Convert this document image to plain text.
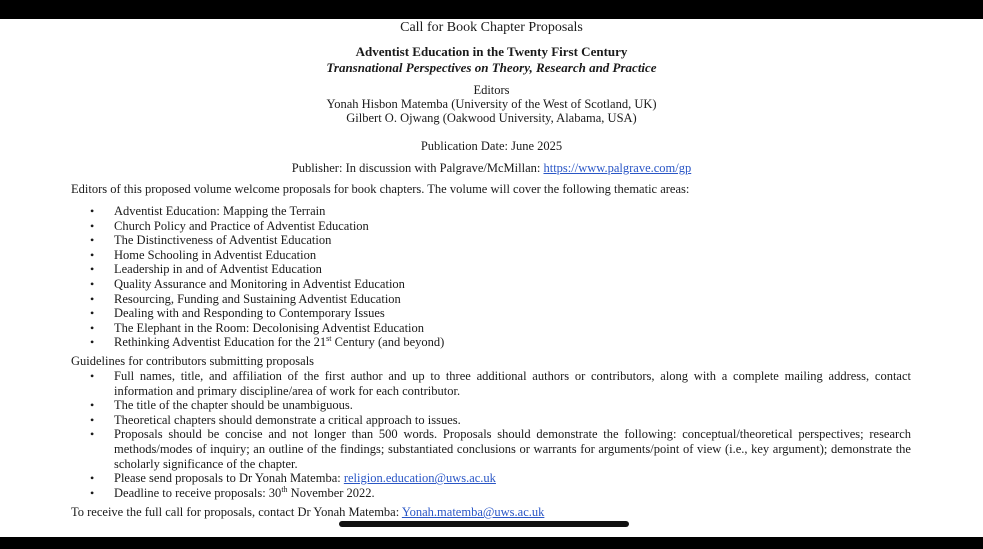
Call for Book Chapter Proposals
Adventist Education in the Twenty First Century
Transnational Perspectives on Theory, Research and Practice
Editors
Yonah Hisbon Matemba (University of the West of Scotland, UK)
Gilbert O. Ojwang (Oakwood University, Alabama, USA)
Publication Date: June 2025
Publisher: In discussion with Palgrave/McMillan: https://www.palgrave.com/gp
Editors of this proposed volume welcome proposals for book chapters. The volume will cover the following thematic areas:
• Adventist Education: Mapping the Terrain
• Church Policy and Practice of Adventist Education
• The Distinctiveness of Adventist Education
• Home Schooling in Adventist Education
• Leadership in and of Adventist Education
• Quality Assurance and Monitoring in Adventist Education
• Resourcing, Funding and Sustaining Adventist Education
• Dealing with and Responding to Contemporary Issues
• The Elephant in the Room: Decolonising Adventist Education
• Rethinking Adventist Education for the 21st Century (and beyond)
Guidelines for contributors submitting proposals
• Full names, title, and affiliation of the first author and up to three additional authors or contributors, along with a complete mailing address, contact information and primary discipline/area of work for each contributor.
• The title of the chapter should be unambiguous.
• Theoretical chapters should demonstrate a critical approach to issues.
• Proposals should be concise and not longer than 500 words. Proposals should demonstrate the following: conceptual/theoretical perspectives; research methods/modes of inquiry; an outline of the findings; substantiated conclusions or warrants for arguments/point of view (i.e., key argument); demonstrate the scholarly significance of the chapter.
• Please send proposals to Dr Yonah Matemba: religion.education@uws.ac.uk
• Deadline to receive proposals: 30th November 2022.
To receive the full call for proposals, contact Dr Yonah Matemba: Yonah.matemba@uws.ac.uk
